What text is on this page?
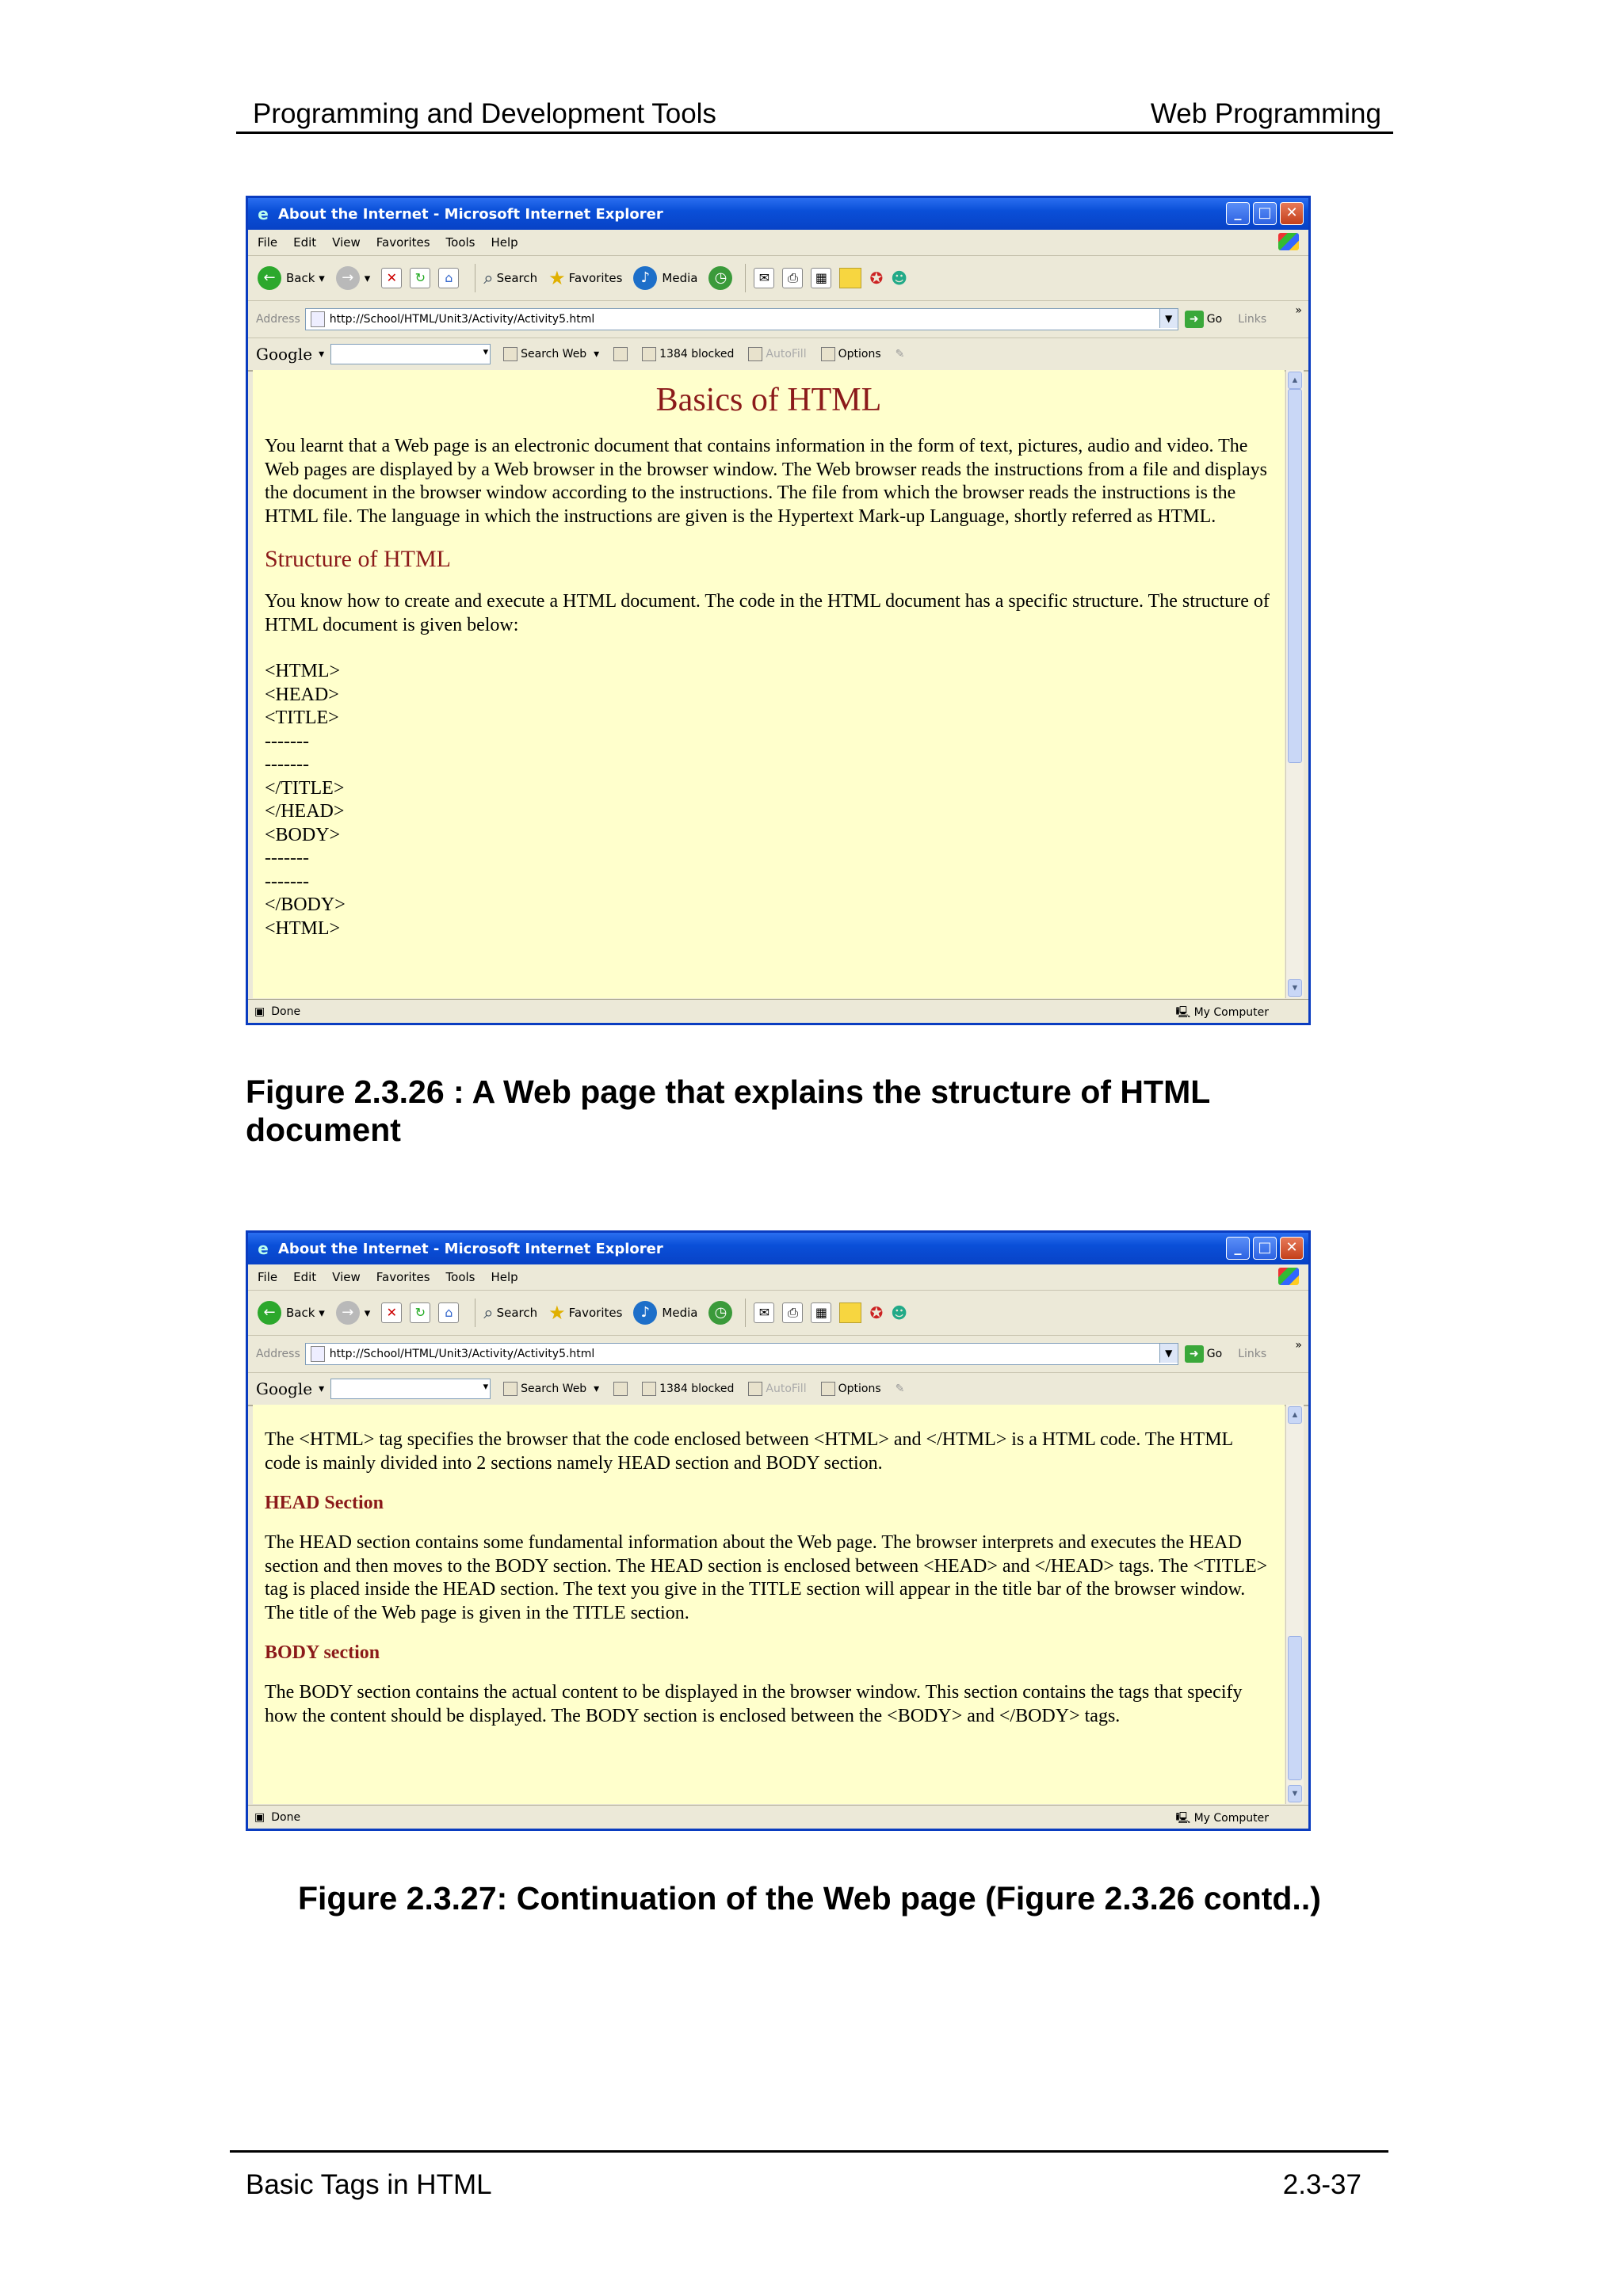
Programming and Development Tools	Web Programming
e About the Internet - Microsoft Internet Explorer	_	□ ✕
File Edit View Favorites Tools Help
← Back ▾	→ ▾	✕	↻	⌂	⌕ Search ★ Favorites	♪	Media	◷	✉	⎙	▦	✪ ☻
Address	http://School/HTML/Unit3/Activity/Activity5.html	▼	➜ Go Links
»
Google ▾ ▾	Search Web ▾	1384 blocked	AutoFill	Options ✎
Basics of HTML
You learnt that a Web page is an electronic document that contains information in the form of text, pictures, audio and video. The Web pages are displayed by a Web browser in the browser window. The Web browser reads the instructions from a file and displays the document in the browser window according to the instructions. The file from which the browser reads the instructions is the HTML file. The language in which the instructions are given is the Hypertext Mark-up Language, shortly referred as HTML.
Structure of HTML
You know how to create and execute a HTML document. The code in the HTML document has a specific structure. The structure of HTML document is given below:
<HTML>
<HEAD>
<TITLE>
-------
-------
</TITLE>
</HEAD>
<BODY>
-------
-------
</BODY>
<HTML>
▲
▼
▣ Done	🖳 My Computer
Figure 2.3.26 : A Web page that explains the structure of HTML document
e About the Internet - Microsoft Internet Explorer	_	□ ✕
File Edit View Favorites Tools Help
← Back ▾	→ ▾	✕	↻	⌂	⌕ Search ★ Favorites	♪	Media	◷	✉	⎙	▦	✪ ☻
Address	http://School/HTML/Unit3/Activity/Activity5.html	▼	➜ Go Links
»
Google ▾ ▾	Search Web ▾	1384 blocked	AutoFill	Options ✎
The <HTML> tag specifies the browser that the code enclosed between <HTML> and </HTML> is a HTML code. The HTML code is mainly divided into 2 sections namely HEAD section and BODY section.
HEAD Section
The HEAD section contains some fundamental information about the Web page. The browser interprets and executes the HEAD section and then moves to the BODY section. The HEAD section is enclosed between <HEAD> and </HEAD> tags. The <TITLE> tag is placed inside the HEAD section. The text you give in the TITLE section will appear in the title bar of the browser window. The title of the Web page is given in the TITLE section.
BODY section
The BODY section contains the actual content to be displayed in the browser window. This section contains the tags that specify how the content should be displayed. The BODY section is enclosed between the <BODY> and </BODY> tags.
▲
▼
▣ Done	🖳 My Computer
Figure 2.3.27: Continuation of the Web page (Figure 2.3.26 contd..)
Basic Tags in HTML	2.3-37
